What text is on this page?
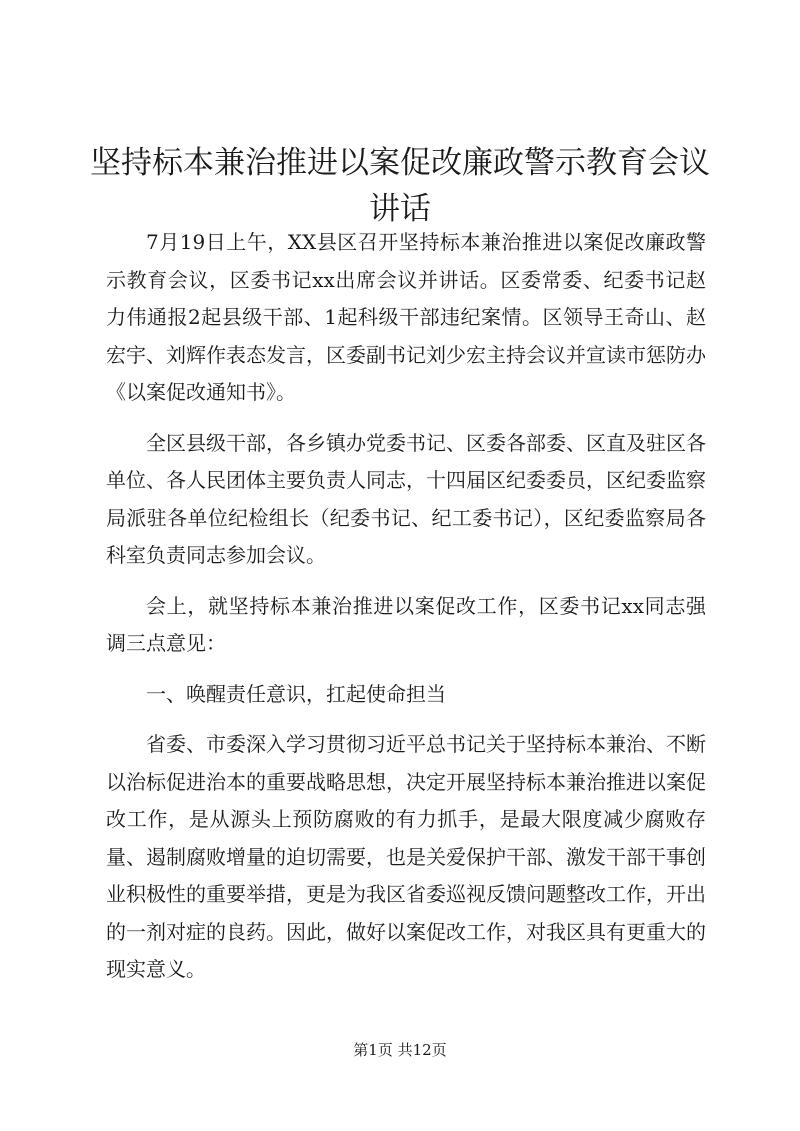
坚持标本兼治推进以案促改廉政警示教育会议讲话

7月19日上午，XX县区召开坚持标本兼治推进以案促改廉政警示教育会议，区委书记xx出席会议并讲话。区委常委、纪委书记赵力伟通报2起县级干部、1起科级干部违纪案情。区领导王奇山、赵宏宇、刘辉作表态发言，区委副书记刘少宏主持会议并宣读市惩防办《以案促改通知书》。

全区县级干部，各乡镇办党委书记、区委各部委、区直及驻区各单位、各人民团体主要负责人同志，十四届区纪委委员，区纪委监察局派驻各单位纪检组长（纪委书记、纪工委书记），区纪委监察局各科室负责同志参加会议。

会上，就坚持标本兼治推进以案促改工作，区委书记xx同志强调三点意见：

一、唤醒责任意识，扛起使命担当

省委、市委深入学习贯彻习近平总书记关于坚持标本兼治、不断以治标促进治本的重要战略思想，决定开展坚持标本兼治推进以案促改工作，是从源头上预防腐败的有力抓手，是最大限度减少腐败存量、遏制腐败增量的迫切需要，也是关爱保护干部、激发干部干事创业积极性的重要举措，更是为我区省委巡视反馈问题整改工作，开出的一剂对症的良药。因此，做好以案促改工作，对我区具有更重大的现实意义。

第1页 共12页
